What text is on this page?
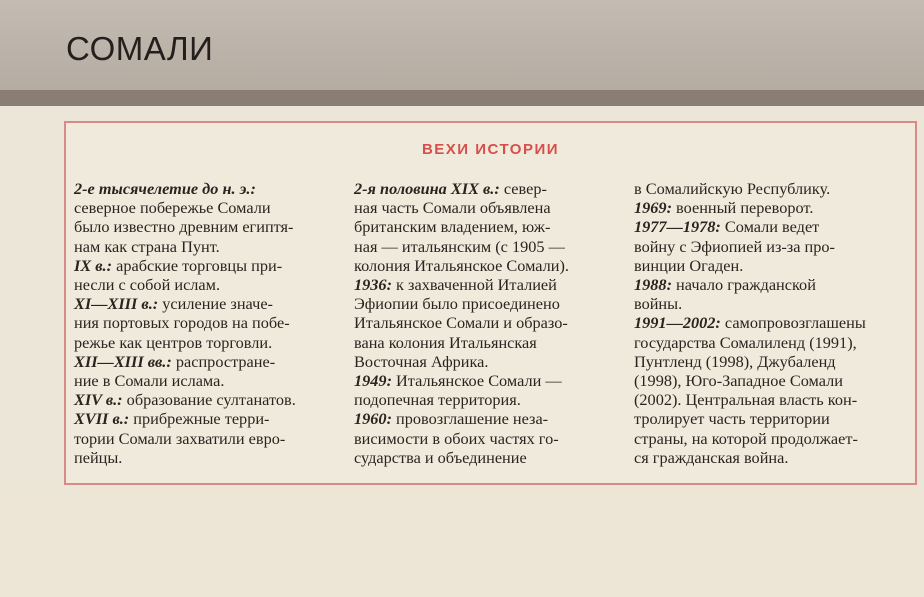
СОМАЛИ
ВЕХИ ИСТОРИИ
2-е тысячелетие до н. э.:
северное побережье Сомали
было известно древним египтя-
нам как страна Пунт.
IX в.: арабские торговцы при-
несли с собой ислам.
XI—XIII в.: усиление значе-
ния портовых городов на побе-
режье как центров торговли.
XII—XIII вв.: распростране-
ние в Сомали ислама.
XIV в.: образование султанатов.
XVII в.: прибрежные терри-
тории Сомали захватили евро-
пейцы.
2-я половина XIX в.: север-
ная часть Сомали объявлена
британским владением, юж-
ная — итальянским (с 1905 —
колония Итальянское Сомали).
1936: к захваченной Италией
Эфиопии было присоединено
Итальянское Сомали и образо-
вана колония Итальянская
Восточная Африка.
1949: Итальянское Сомали —
подопечная территория.
1960: провозглашение неза-
висимости в обоих частях го-
сударства и объединение
в Сомалийскую Республику.
1969: военный переворот.
1977—1978: Сомали ведет
войну с Эфиопией из-за про-
винции Огаден.
1988: начало гражданской
войны.
1991—2002: самопровозглашены
государства Сомалиленд (1991),
Пунтленд (1998), Джубаленд
(1998), Юго-Западное Сомали
(2002). Центральная власть кон-
тролирует часть территории
страны, на которой продолжает-
ся гражданская война.
